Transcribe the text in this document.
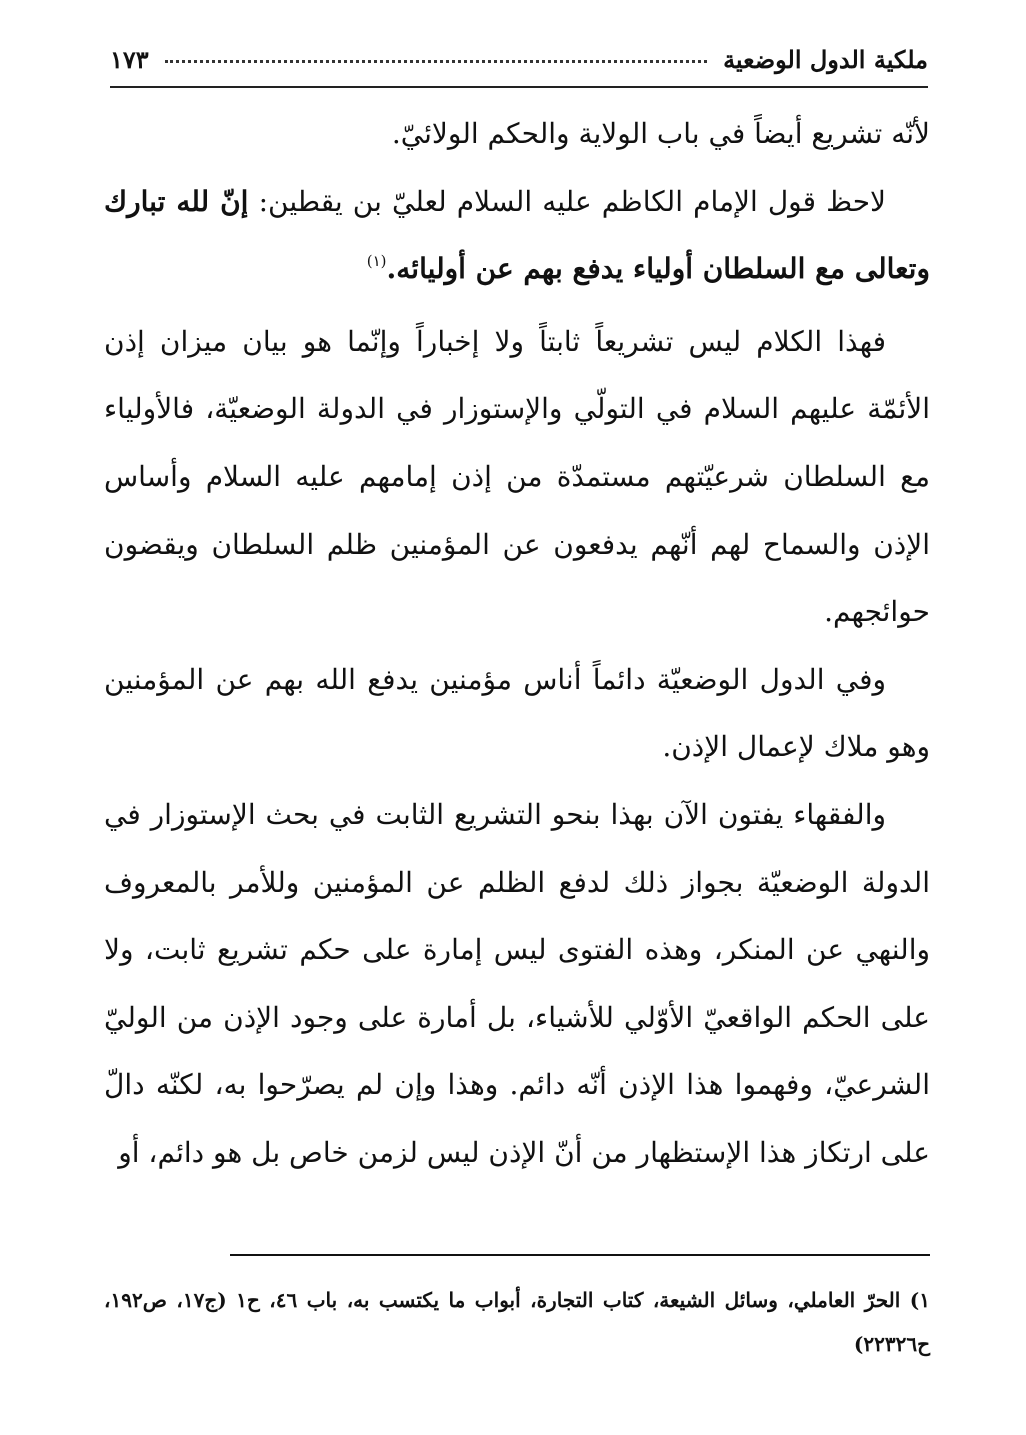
ملكية الدول الوضعية
١٧٣

لأنّه تشريع أيضاً في باب الولاية والحكم الولائيّ.

لاحظ قول الإمام الكاظم عليه السلام لعليّ بن يقطين: إنّ لله تبارك وتعالى مع السلطان أولياء يدفع بهم عن أوليائه.$^{(١)}$

فهذا الكلام ليس تشريعاً ثابتاً ولا إخباراً وإنّما هو بيان ميزان إذن الأئمّة عليهم السلام في التولّي والإستوزار في الدولة الوضعيّة، فالأولياء مع السلطان شرعيّتهم مستمدّة من إذن إمامهم عليه السلام وأساس الإذن والسماح لهم أنّهم يدفعون عن المؤمنين ظلم السلطان ويقضون حوائجهم.

وفي الدول الوضعيّة دائماً أناس مؤمنين يدفع الله بهم عن المؤمنين وهو ملاك لإعمال الإذن.

والفقهاء يفتون الآن بهذا بنحو التشريع الثابت في بحث الإستوزار في الدولة الوضعيّة بجواز ذلك لدفع الظلم عن المؤمنين وللأمر بالمعروف والنهي عن المنكر، وهذه الفتوى ليس إمارة على حكم تشريع ثابت، ولا على الحكم الواقعيّ الأوّلي للأشياء، بل أمارة على وجود الإذن من الوليّ الشرعيّ، وفهموا هذا الإذن أنّه دائم. وهذا وإن لم يصرّحوا به، لكنّه دالّ على ارتكاز هذا الإستظهار من أنّ الإذن ليس لزمن خاص بل هو دائم، أو

١) الحرّ العاملي، وسائل الشيعة، كتاب التجارة، أبواب ما يكتسب به، باب ٤٦، ح١ (ج١٧، ص١٩٢، ح٢٢٣٢٦)
